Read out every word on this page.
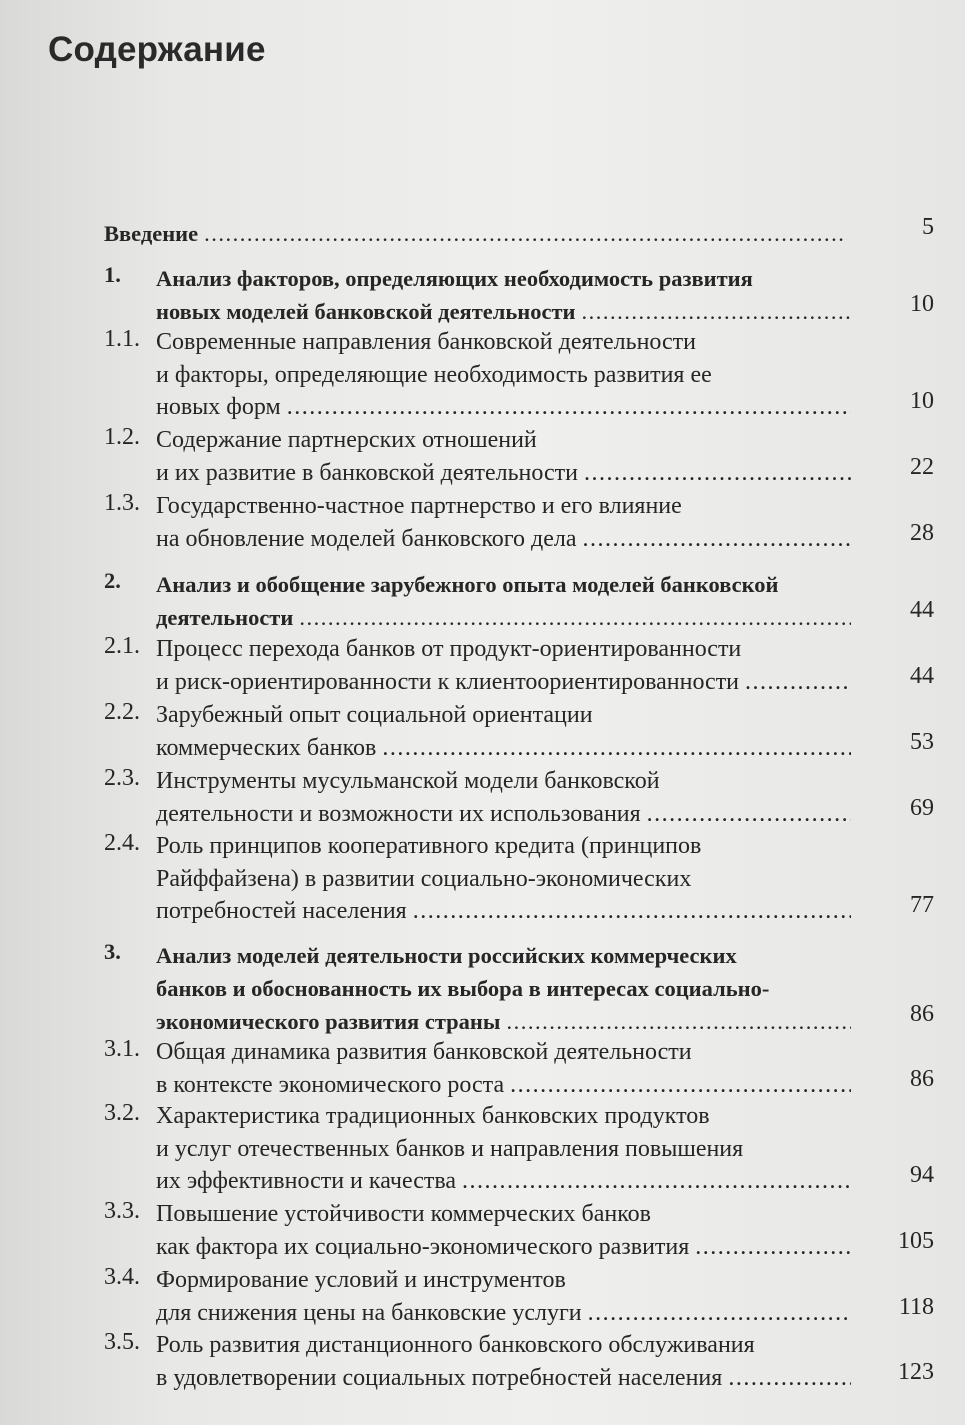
Содержание
Введение .....	5
1. Анализ факторов, определяющих необходимость развития
новых моделей банковской деятельности .....	10
1.1. Современные направления банковской деятельности
и факторы, определяющие необходимость развития ее
новых форм .....	10
1.2. Содержание партнерских отношений
и их развитие в банковской деятельности .....	22
1.3. Государственно-частное партнерство и его влияние
на обновление моделей банковского дела .....	28
2. Анализ и обобщение зарубежного опыта моделей банковской
деятельности .....	44
2.1. Процесс перехода банков от продукт-ориентированности
и риск-ориентированности к клиентоориентированности .....	44
2.2. Зарубежный опыт социальной ориентации
коммерческих банков .....	53
2.3. Инструменты мусульманской модели банковской
деятельности и возможности их использования .....	69
2.4. Роль принципов кооперативного кредита (принципов
Райффайзена) в развитии социально-экономических
потребностей населения .....	77
3. Анализ моделей деятельности российских коммерческих
банков и обоснованность их выбора в интересах социально-
экономического развития страны .....	86
3.1. Общая динамика развития банковской деятельности
в контексте экономического роста .....	86
3.2. Характеристика традиционных банковских продуктов
и услуг отечественных банков и направления повышения
их эффективности и качества .....	94
3.3. Повышение устойчивости коммерческих банков
как фактора их социально-экономического развития .....	105
3.4. Формирование условий и инструментов
для снижения цены на банковские услуги .....	118
3.5. Роль развития дистанционного банковского обслуживания
в удовлетворении социальных потребностей населения .....	123
